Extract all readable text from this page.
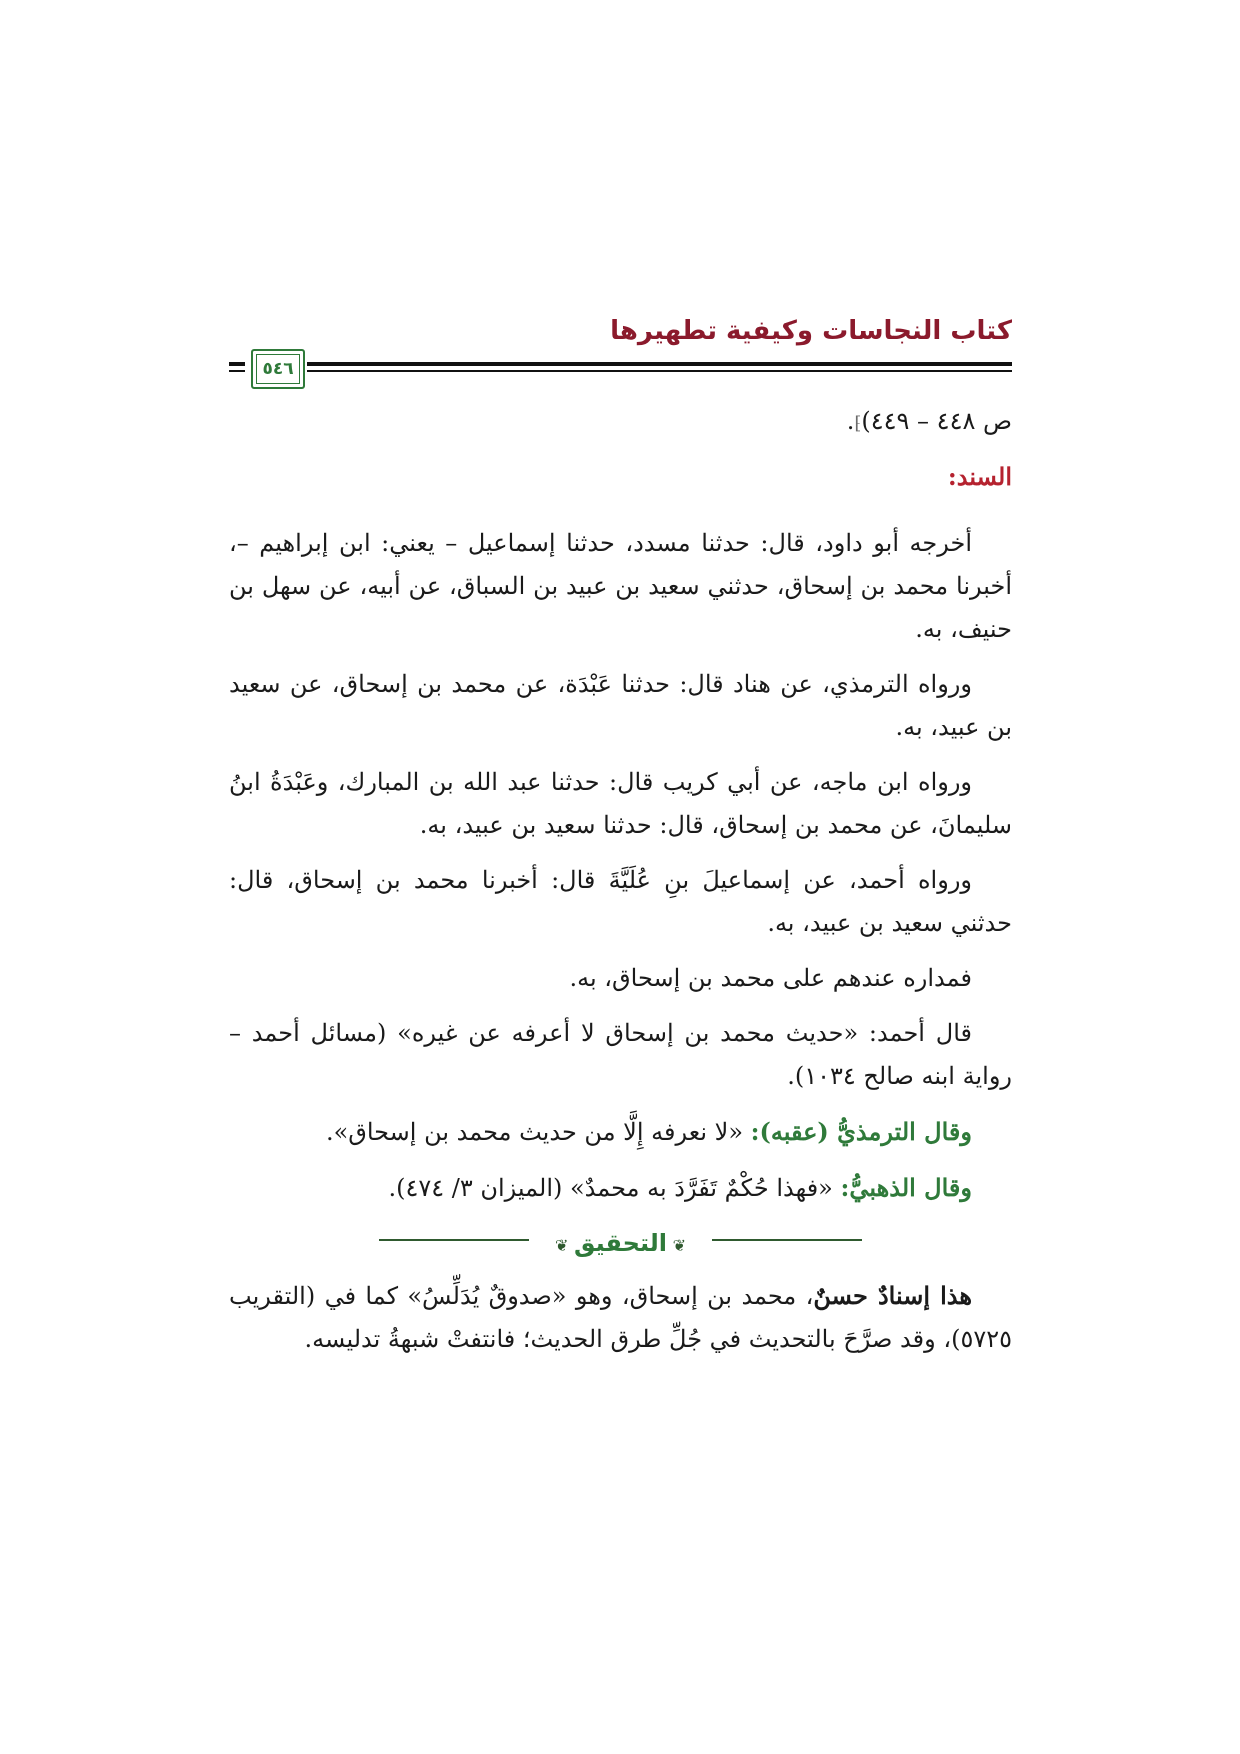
كتاب النجاسات وكيفية تطهيرها
٥٤٦

ص ٤٤٨ – ٤٤٩)⁆.

السند:

أخرجه أبو داود، قال: حدثنا مسدد، حدثنا إسماعيل – يعني: ابن إبراهيم –، أخبرنا محمد بن إسحاق، حدثني سعيد بن عبيد بن السباق، عن أبيه، عن سهل بن حنيف، به.

ورواه الترمذي، عن هناد قال: حدثنا عَبْدَة، عن محمد بن إسحاق، عن سعيد بن عبيد، به.

ورواه ابن ماجه، عن أبي كريب قال: حدثنا عبد الله بن المبارك، وعَبْدَةُ ابنُ سليمانَ، عن محمد بن إسحاق، قال: حدثنا سعيد بن عبيد، به.

ورواه أحمد، عن إسماعيلَ بنِ عُلَيَّةَ قال: أخبرنا محمد بن إسحاق، قال: حدثني سعيد بن عبيد، به.

فمداره عندهم على محمد بن إسحاق، به.

قال أحمد: «حديث محمد بن إسحاق لا أعرفه عن غيره» (مسائل أحمد – رواية ابنه صالح ١٠٣٤).

وقال الترمذيُّ (عقبه): «لا نعرفه إِلَّا من حديث محمد بن إسحاق».

وقال الذهبيُّ: «فهذا حُكْمٌ تَفَرَّدَ به محمدٌ» (الميزان ٣/ ٤٧٤).

❦ التحقيق ❦

هذا إسنادٌ حسنٌ، محمد بن إسحاق، وهو «صدوقٌ يُدَلِّسُ» كما في (التقريب ٥٧٢٥)، وقد صرَّحَ بالتحديث في جُلِّ طرق الحديث؛ فانتفتْ شبهةُ تدليسه.
